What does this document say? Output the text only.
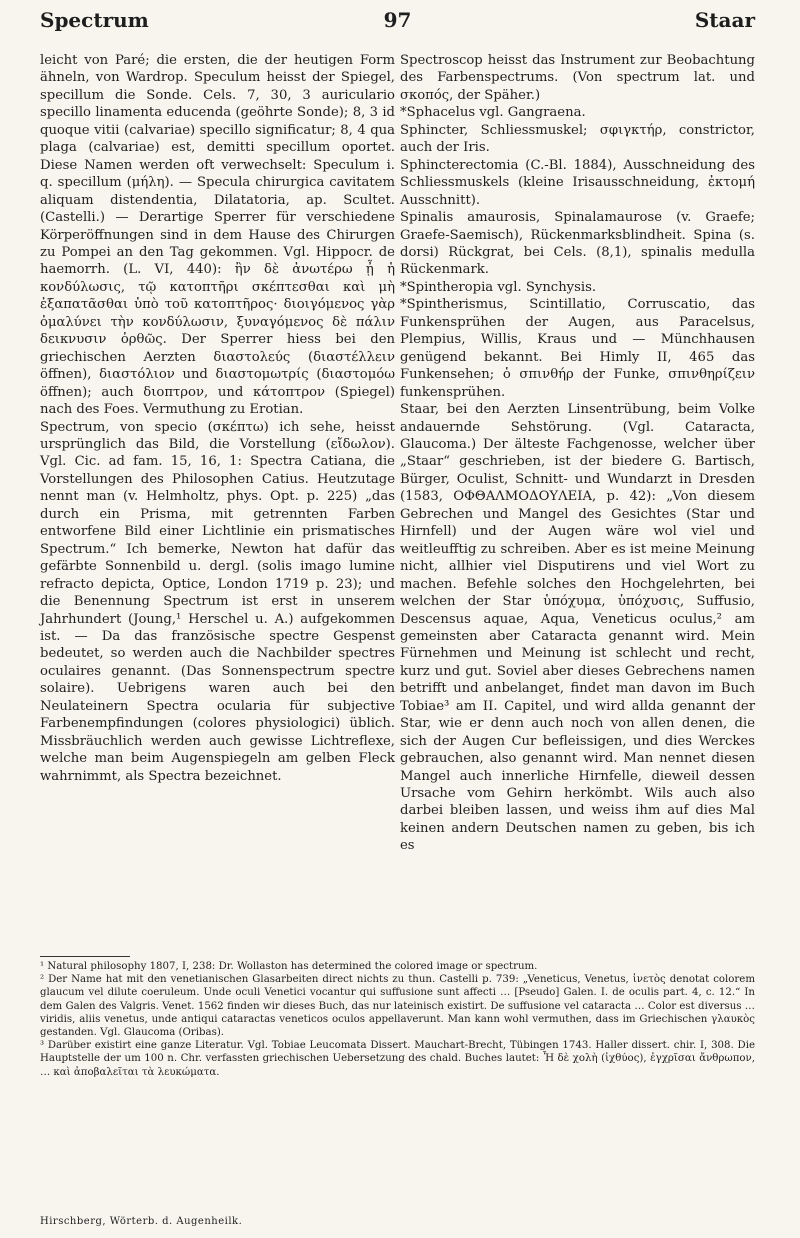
Spectrum	97	Staar

leicht von Paré; die ersten, die der heutigen Form ähneln, von Wardrop. Speculum heisst der Spiegel, specillum die Sonde. Cels. 7, 30, 3 auriculario specillo linamenta educenda (geöhrte Sonde); 8, 3 id quoque vitii (calvariae) specillo significatur; 8, 4 qua plaga (calvariae) est, demitti specillum oportet. Diese Namen werden oft verwechselt: Speculum i. q. specillum (μήλη). — Specula chirurgica cavitatem aliquam distendentia, Dilatatoria, ap. Scultet. (Castelli.) — Derartige Sperrer für verschiedene Körperöffnungen sind in dem Hause des Chirurgen zu Pompei an den Tag gekommen. Vgl. Hippocr. de haemorrh. (L. VI, 440): ἢν δὲ ἀνωτέρω ᾖ ἡ κονδύλωσις, τῷ κατοπτῆρι σκέπτεσθαι καὶ μὴ ἐξαπατᾶσθαι ὑπὸ τοῦ κατοπτῆρος· διοιγόμενος γὰρ ὁμαλύνει τὴν κονδύλωσιν, ξυναγόμενος δὲ πάλιν δεικνυσιν ὀρθῶς. Der Sperrer hiess bei den griechischen Aerzten διαστολεύς (διαστέλλειν öffnen), διαστόλιον und διαστομωτρίς (διαστομόω öffnen); auch διοπτρον, und κάτοπτρον (Spiegel) nach des Foes. Vermuthung zu Erotian.

Spectrum, von specio (σκέπτω) ich sehe, heisst ursprünglich das Bild, die Vorstellung (εἴδωλον). Vgl. Cic. ad fam. 15, 16, 1: Spectra Catiana, die Vorstellungen des Philosophen Catius. Heutzutage nennt man (v. Helmholtz, phys. Opt. p. 225) „das durch ein Prisma, mit getrennten Farben entworfene Bild einer Lichtlinie ein prismatisches Spectrum.“ Ich bemerke, Newton hat dafür das gefärbte Sonnenbild u. dergl. (solis imago lumine refracto depicta, Optice, London 1719 p. 23); und die Benennung Spectrum ist erst in unserem Jahrhundert (Joung,¹ Herschel u. A.) aufgekommen ist. — Da das französische spectre Gespenst bedeutet, so werden auch die Nachbilder spectres oculaires genannt. (Das Sonnenspectrum spectre solaire). Uebrigens waren auch bei den Neulateinern Spectra ocularia für subjective Farbenempfindungen (colores physiologici) üblich. Missbräuchlich werden auch gewisse Lichtreflexe, welche man beim Augenspiegeln am gelben Fleck wahrnimmt, als Spectra bezeichnet.

Spectroscop heisst das Instrument zur Beobachtung des Farbenspectrums. (Von spectrum lat. und σκοπός, der Späher.)

*Sphacelus vgl. Gangraena.

Sphincter, Schliessmuskel; σφιγκτήρ, constrictor, auch der Iris.

Sphincterectomia (C.-Bl. 1884), Ausschneidung des Schliessmuskels (kleine Irisausschneidung, ἐκτομή Ausschnitt).

Spinalis amaurosis, Spinalamaurose (v. Graefe; Graefe-Saemisch), Rückenmarksblindheit. Spina (s. dorsi) Rückgrat, bei Cels. (8,1), spinalis medulla Rückenmark.

*Spintheropia vgl. Synchysis.

*Spintherismus, Scintillatio, Corruscatio, das Funkensprühen der Augen, aus Paracelsus, Plempius, Willis, Kraus und — Münchhausen genügend bekannt. Bei Himly II, 465 das Funkensehen; ὁ σπινθήρ der Funke, σπινθηρίζειν funkensprühen.

Staar, bei den Aerzten Linsentrübung, beim Volke andauernde Sehstörung. (Vgl. Cataracta, Glaucoma.) Der älteste Fachgenosse, welcher über „Staar“ geschrieben, ist der biedere G. Bartisch, Bürger, Oculist, Schnitt- und Wundarzt in Dresden (1583, ΟΦΘΑΛΜΟΔΟΥΛΕΙΑ, p. 42): „Von diesem Gebrechen und Mangel des Gesichtes (Star und Hirnfell) und der Augen wäre wol viel und weitleufftig zu schreiben. Aber es ist meine Meinung nicht, allhier viel Disputirens und viel Wort zu machen. Befehle solches den Hochgelehrten, bei welchen der Star ὑπόχυμα, ὑπόχυσις, Suffusio, Descensus aquae, Aqua, Veneticus oculus,² am gemeinsten aber Cataracta genannt wird. Mein Fürnehmen und Meinung ist schlecht und recht, kurz und gut. Soviel aber dieses Gebrechens namen betrifft und anbelanget, findet man davon im Buch Tobiae³ am II. Capitel, und wird allda genannt der Star, wie er denn auch noch von allen denen, die sich der Augen Cur befleissigen, und dies Werckes gebrauchen, also genannt wird. Man nennet diesen Mangel auch innerliche Hirnfelle, dieweil dessen Ursache vom Gehirn herkömbt. Wils auch also darbei bleiben lassen, und weiss ihm auf dies Mal keinen andern Deutschen namen zu geben, bis ich es

¹ Natural philosophy 1807, I, 238: Dr. Wollaston has determined the colored image or spectrum.

² Der Name hat mit den venetianischen Glasarbeiten direct nichts zu thun. Castelli p. 739: „Veneticus, Venetus, ἰνετὸς denotat colorem glaucum vel dilute coeruleum. Unde oculi Venetici vocantur qui suffusione sunt affecti … [Pseudo] Galen. I. de oculis part. 4, c. 12.“ In dem Galen des Valgris. Venet. 1562 finden wir dieses Buch, das nur lateinisch existirt. De suffusione vel cataracta … Color est diversus … viridis, aliis venetus, unde antiqui cataractas veneticos oculos appellaverunt. Man kann wohl vermuthen, dass im Griechischen γλαυκὸς gestanden. Vgl. Glaucoma (Oribas).

³ Darüber existirt eine ganze Literatur. Vgl. Tobiae Leucomata Dissert. Mauchart-Brecht, Tübingen 1743. Haller dissert. chir. I, 308. Die Hauptstelle der um 100 n. Chr. verfassten griechischen Uebersetzung des chald. Buches lautet: Ἦ δὲ χολὴ (ἰχθύος), ἐγχρῖσαι ἄνθρωπον, … καὶ ἀποβαλεῖται τὰ λευκώματα.

Hirschberg, Wörterb. d. Augenheilk.
